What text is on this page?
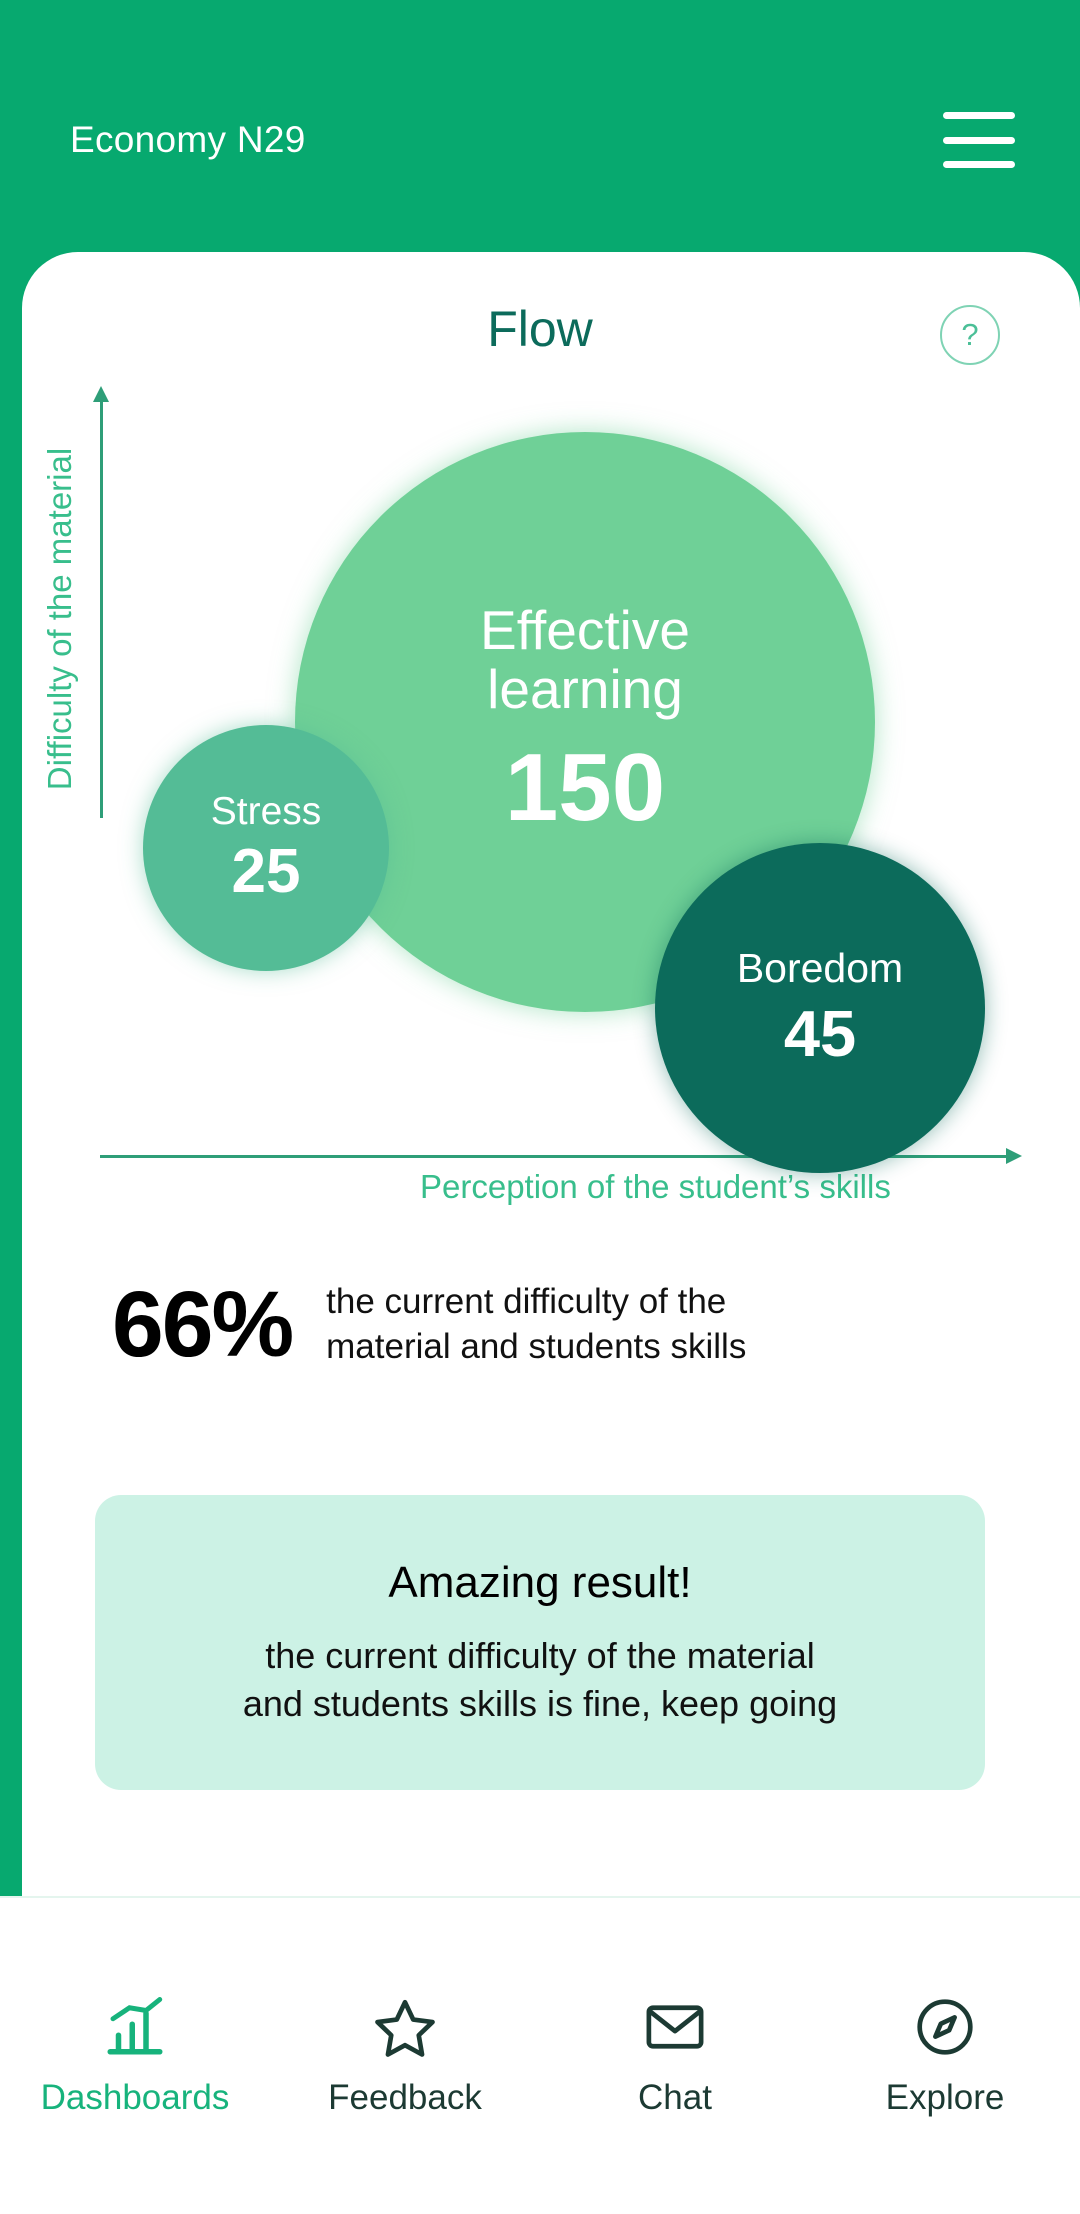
Economy N29
Flow	?
Difficulty of the material
Perception of the student’s skills
Effective
learning
150
Stress
25
Boredom
45
66% the current difficulty of the material and students skills
Amazing result!
the current difficulty of the material
and students skills is fine, keep going
Dashboards	Feedback	Chat	Explore
